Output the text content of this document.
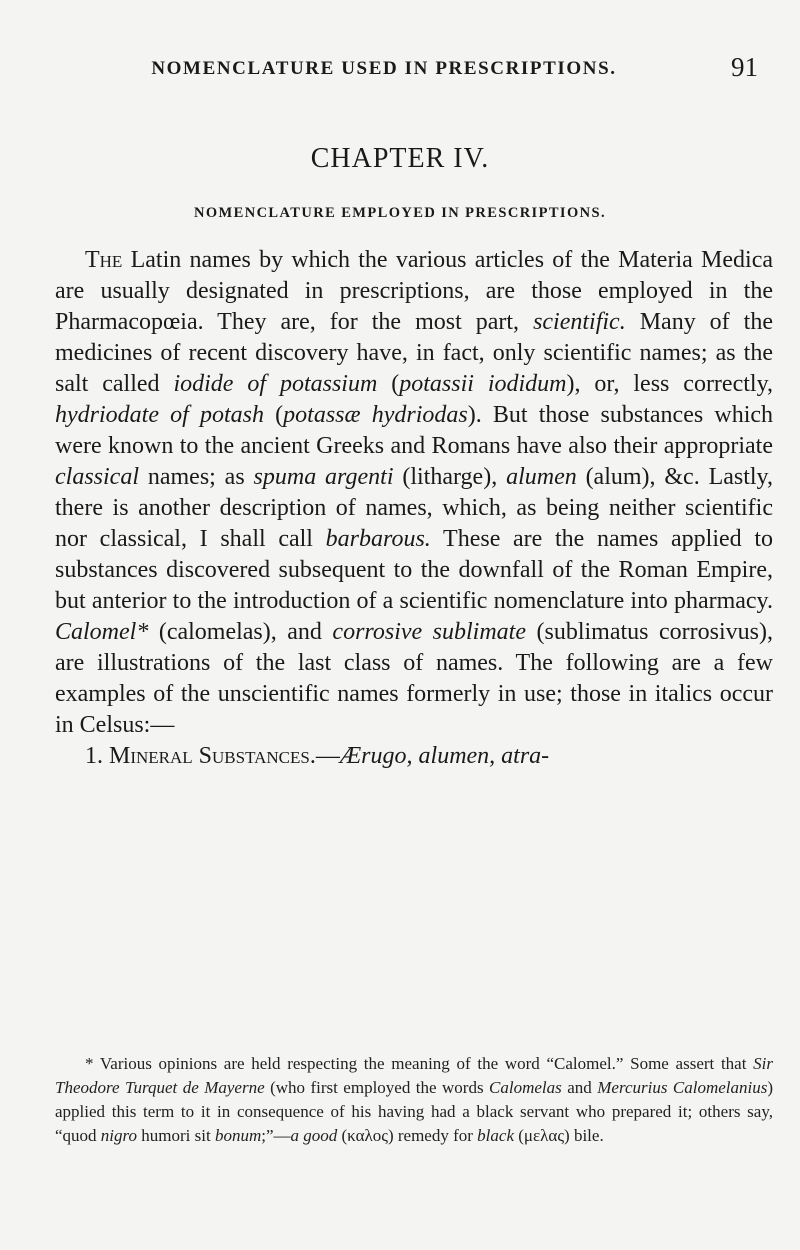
NOMENCLATURE USED IN PRESCRIPTIONS.	91
CHAPTER IV.
NOMENCLATURE EMPLOYED IN PRESCRIPTIONS.

The Latin names by which the various articles of the Materia Medica are usually designated in prescriptions, are those employed in the Pharmacopœia. They are, for the most part, scientific. Many of the medicines of recent discovery have, in fact, only scientific names; as the salt called iodide of potassium (potassii iodidum), or, less correctly, hydriodate of potash (potassæ hydriodas). But those substances which were known to the ancient Greeks and Romans have also their appropriate classical names; as spuma argenti (litharge), alumen (alum), &c. Lastly, there is another description of names, which, as being neither scientific nor classical, I shall call barbarous. These are the names applied to substances discovered subsequent to the downfall of the Roman Empire, but anterior to the introduction of a scientific nomenclature into pharmacy. Calomel* (calomelas), and corrosive sublimate (sublimatus corrosivus), are illustrations of the last class of names. The following are a few examples of the unscientific names formerly in use; those in italics occur in Celsus:—

1. Mineral Substances.—Ærugo, alumen, atra-

* Various opinions are held respecting the meaning of the word “Calomel.” Some assert that Sir Theodore Turquet de Mayerne (who first employed the words Calomelas and Mercurius Calomelanius) applied this term to it in consequence of his having had a black servant who prepared it; others say, “quod nigro humori sit bonum;”—a good (καλος) remedy for black (μελας) bile.
